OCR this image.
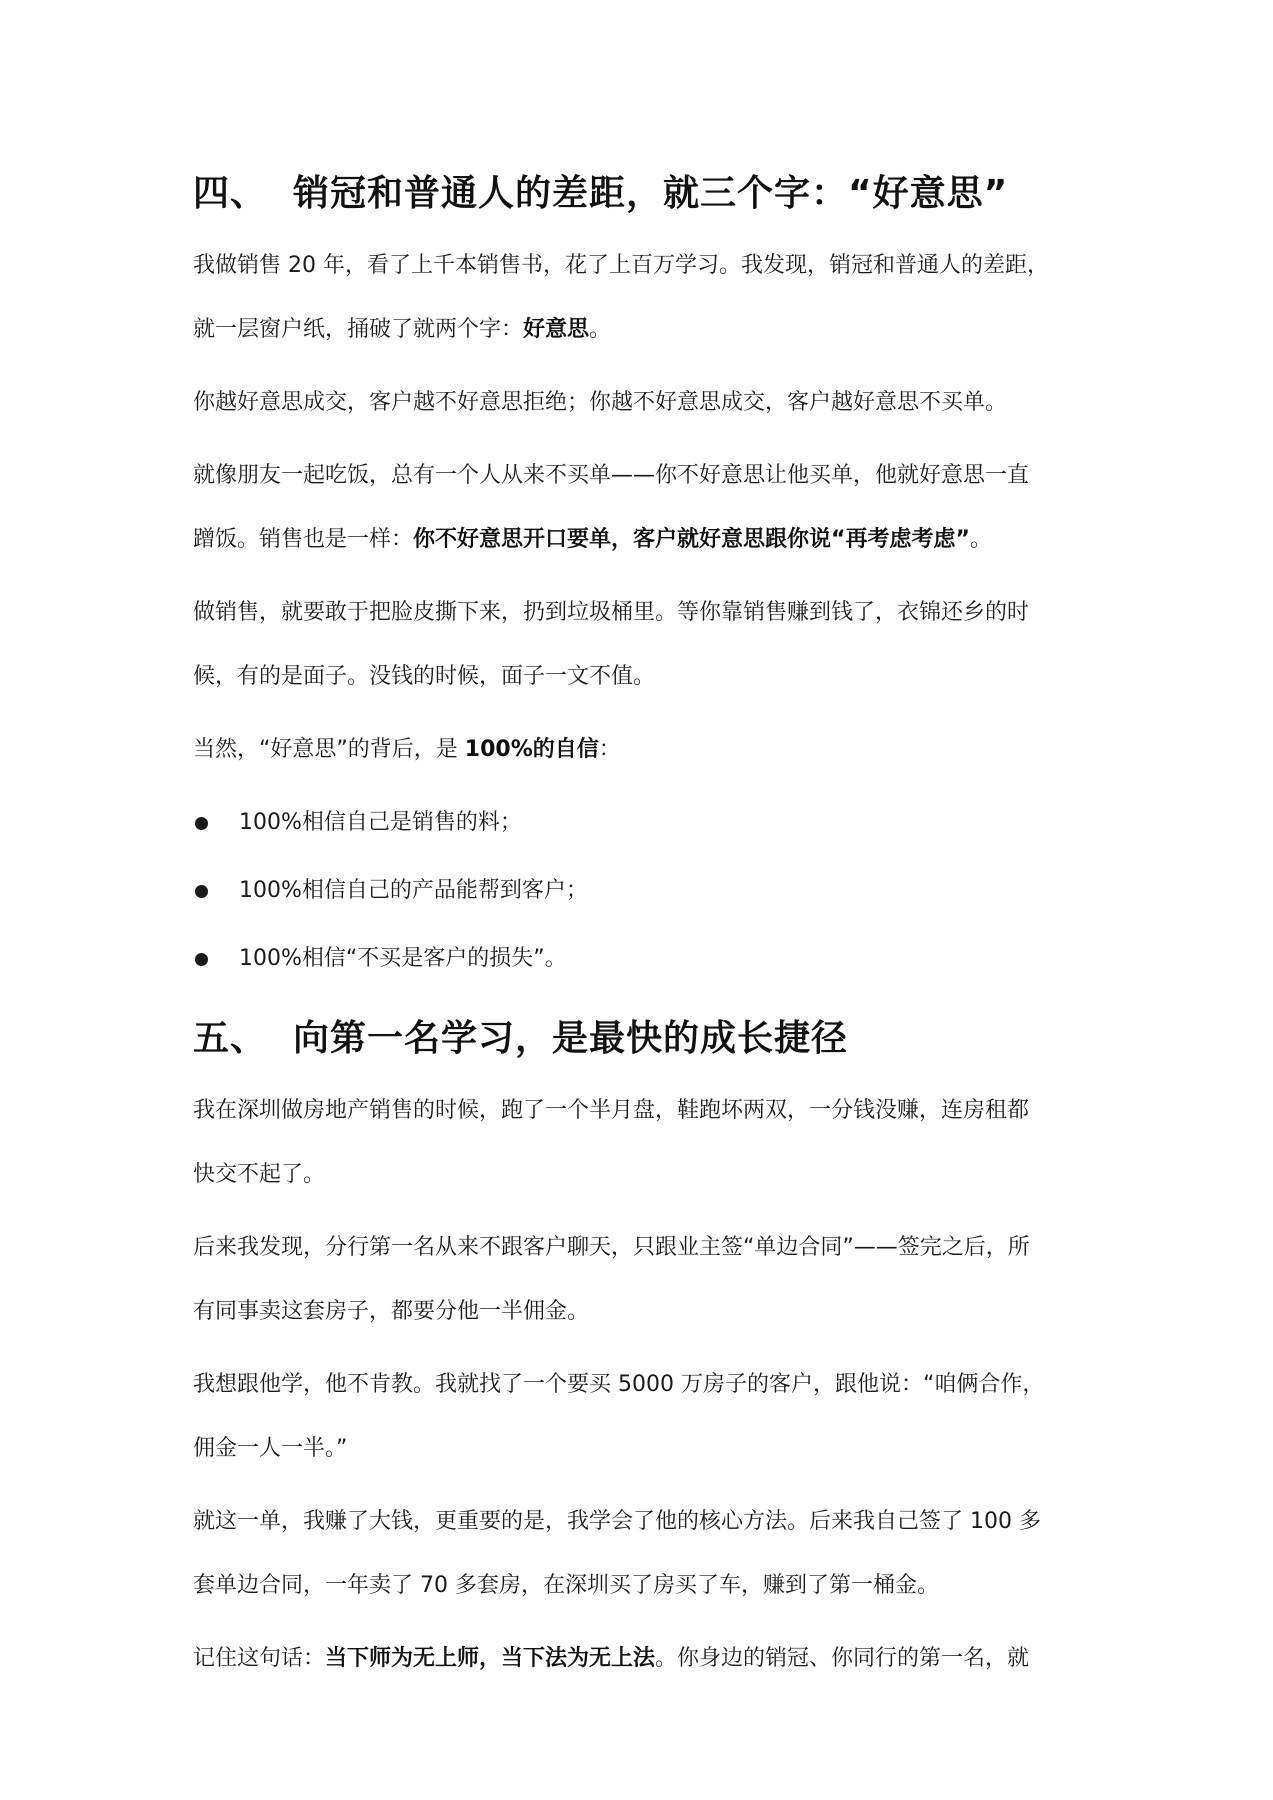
四、 销冠和普通人的差距，就三个字：“好意思”

我做销售 20 年，看了上千本销售书，花了上百万学习。我发现，销冠和普通人的差距，
就一层窗户纸，捅破了就两个字：好意思。

你越好意思成交，客户越不好意思拒绝；你越不好意思成交，客户越好意思不买单。

就像朋友一起吃饭，总有一个人从来不买单——你不好意思让他买单，他就好意思一直
蹭饭。销售也是一样：你不好意思开口要单，客户就好意思跟你说“再考虑考虑”。

做销售，就要敢于把脸皮撕下来，扔到垃圾桶里。等你靠销售赚到钱了，衣锦还乡的时
候，有的是面子。没钱的时候，面子一文不值。

当然，“好意思”的背后，是 100%的自信：

100%相信自己是销售的料；
100%相信自己的产品能帮到客户；
100%相信“不买是客户的损失”。
五、 向第一名学习，是最快的成长捷径

我在深圳做房地产销售的时候，跑了一个半月盘，鞋跑坏两双，一分钱没赚，连房租都
快交不起了。

后来我发现，分行第一名从来不跟客户聊天，只跟业主签“单边合同”——签完之后，所
有同事卖这套房子，都要分他一半佣金。

我想跟他学，他不肯教。我就找了一个要买 5000 万房子的客户，跟他说：“咱俩合作，
佣金一人一半。”

就这一单，我赚了大钱，更重要的是，我学会了他的核心方法。后来我自己签了 100 多
套单边合同，一年卖了 70 多套房，在深圳买了房买了车，赚到了第一桶金。

记住这句话：当下师为无上师，当下法为无上法。你身边的销冠、你同行的第一名，就
